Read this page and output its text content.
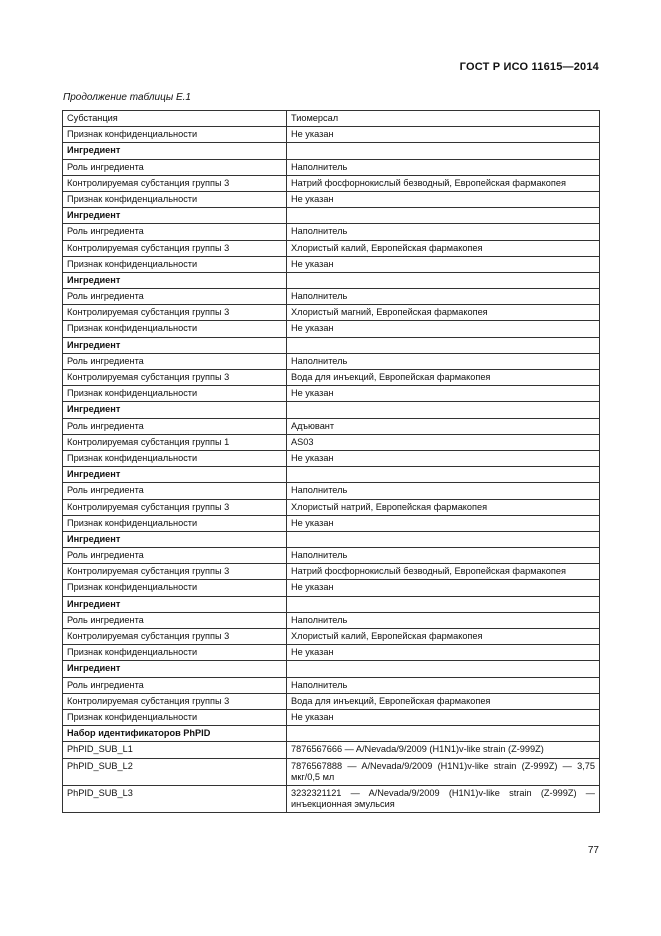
ГОСТ Р ИСО 11615—2014
Продолжение таблицы Е.1
Субстанция	Тиомерсал
Признак конфиденциальности	Не указан
Ингредиент	
Роль ингредиента	Наполнитель
Контролируемая субстанция группы 3	Натрий фосфорнокислый безводный, Европейская фармакопея
Признак конфиденциальности	Не указан
Ингредиент	
Роль ингредиента	Наполнитель
Контролируемая субстанция группы 3	Хлористый калий, Европейская фармакопея
Признак конфиденциальности	Не указан
Ингредиент	
Роль ингредиента	Наполнитель
Контролируемая субстанция группы 3	Хлористый магний, Европейская фармакопея
Признак конфиденциальности	Не указан
Ингредиент	
Роль ингредиента	Наполнитель
Контролируемая субстанция группы 3	Вода для инъекций, Европейская фармакопея
Признак конфиденциальности	Не указан
Ингредиент	
Роль ингредиента	Адъювант
Контролируемая субстанция группы 1	AS03
Признак конфиденциальности	Не указан
Ингредиент	
Роль ингредиента	Наполнитель
Контролируемая субстанция группы 3	Хлористый натрий, Европейская фармакопея
Признак конфиденциальности	Не указан
Ингредиент	
Роль ингредиента	Наполнитель
Контролируемая субстанция группы 3	Натрий фосфорнокислый безводный, Европейская фармакопея
Признак конфиденциальности	Не указан
Ингредиент	
Роль ингредиента	Наполнитель
Контролируемая субстанция группы 3	Хлористый калий, Европейская фармакопея
Признак конфиденциальности	Не указан
Ингредиент	
Роль ингредиента	Наполнитель
Контролируемая субстанция группы 3	Вода для инъекций, Европейская фармакопея
Признак конфиденциальности	Не указан
Набор идентификаторов PhPID	
PhPID_SUB_L1	7876567666 — A/Nevada/9/2009 (H1N1)v-like strain (Z-999Z)
PhPID_SUB_L2	7876567888 — A/Nevada/9/2009 (H1N1)v-like strain (Z-999Z) — 3,75 мкг/0,5 мл
PhPID_SUB_L3	3232321121 — A/Nevada/9/2009 (H1N1)v-like strain (Z-999Z) — инъекционная эмульсия
77
